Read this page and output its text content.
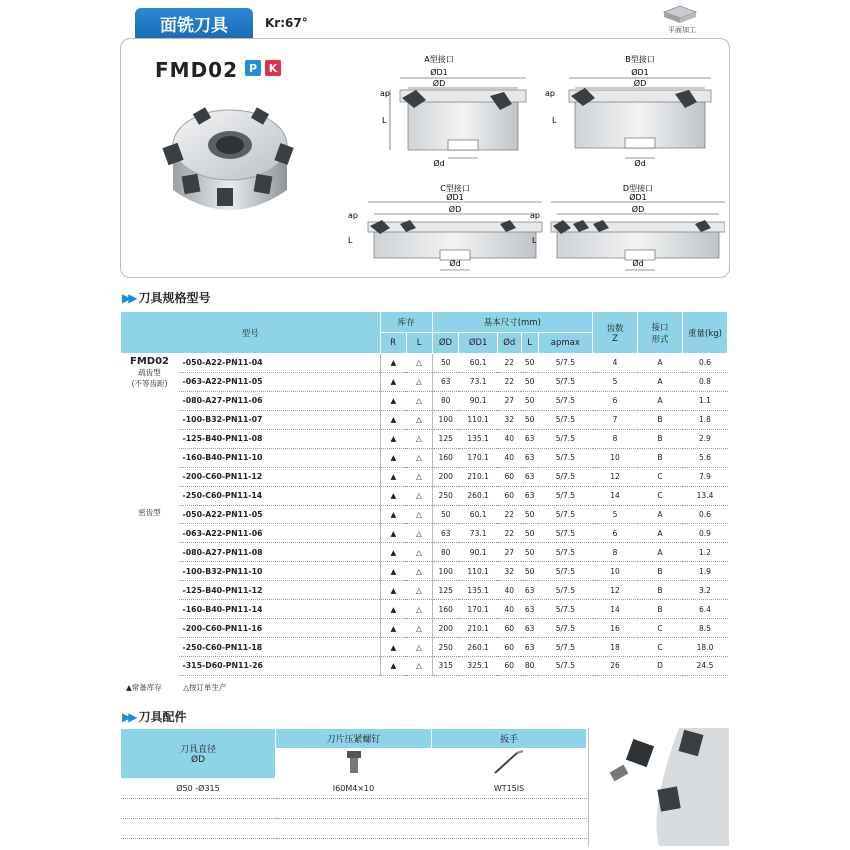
面铣刀具	Kr:67°	平面加工
FMD02 P K
A型接口
ØD1
ØD
Ød
ap
L
B型接口
ØD1
ØD
Ød
ap
L
C型接口
ØD1
ØD
Ød
ap
L
D型接口
ØD1
ØD
Ød
ap
L
▶▶ 刀具规格型号
型号		库存		基本尺寸(mm)					齿数
Z	接口
形式	重量(kg)
		R	L	ØD	ØD1	Ød	L	apmax			

FMD02
疏齿型
(不等齿距)	-050-A22-PN11-04	▲	△	50	60.1	22	50	5/7.5	4	A	0.6
	-063-A22-PN11-05	▲	△	63	73.1	22	50	5/7.5	5	A	0.8
	-080-A27-PN11-06	▲	△	80	90.1	27	50	5/7.5	6	A	1.1
	-100-B32-PN11-07	▲	△	100	110.1	32	50	5/7.5	7	B	1.8
	-125-B40-PN11-08	▲	△	125	135.1	40	63	5/7.5	8	B	2.9
	-160-B40-PN11-10	▲	△	160	170.1	40	63	5/7.5	10	B	5.6
	-200-C60-PN11-12	▲	△	200	210.1	60	63	5/7.5	12	C	7.9
	-250-C60-PN11-14	▲	△	250	260.1	60	63	5/7.5	14	C	13.4

密齿型	-050-A22-PN11-05	▲	△	50	60.1	22	50	5/7.5	5	A	0.6
	-063-A22-PN11-06	▲	△	63	73.1	22	50	5/7.5	6	A	0.9
	-080-A27-PN11-08	▲	△	80	90.1	27	50	5/7.5	8	A	1.2
	-100-B32-PN11-10	▲	△	100	110.1	32	50	5/7.5	10	B	1.9
	-125-B40-PN11-12	▲	△	125	135.1	40	63	5/7.5	12	B	3.2
	-160-B40-PN11-14	▲	△	160	170.1	40	63	5/7.5	14	B	6.4
	-200-C60-PN11-16	▲	△	200	210.1	60	63	5/7.5	16	C	8.5
	-250-C60-PN11-18	▲	△	250	260.1	60	63	5/7.5	18	C	18.0
	-315-D60-PN11-26	▲	△	315	325.1	60	80	5/7.5	26	D	24.5
▲常备库存	△按订单生产
▶▶ 刀具配件
刀具直径
ØD	刀片压紧螺钉	扳手

Ø50 -Ø315	I60M4×10	WT15IS
